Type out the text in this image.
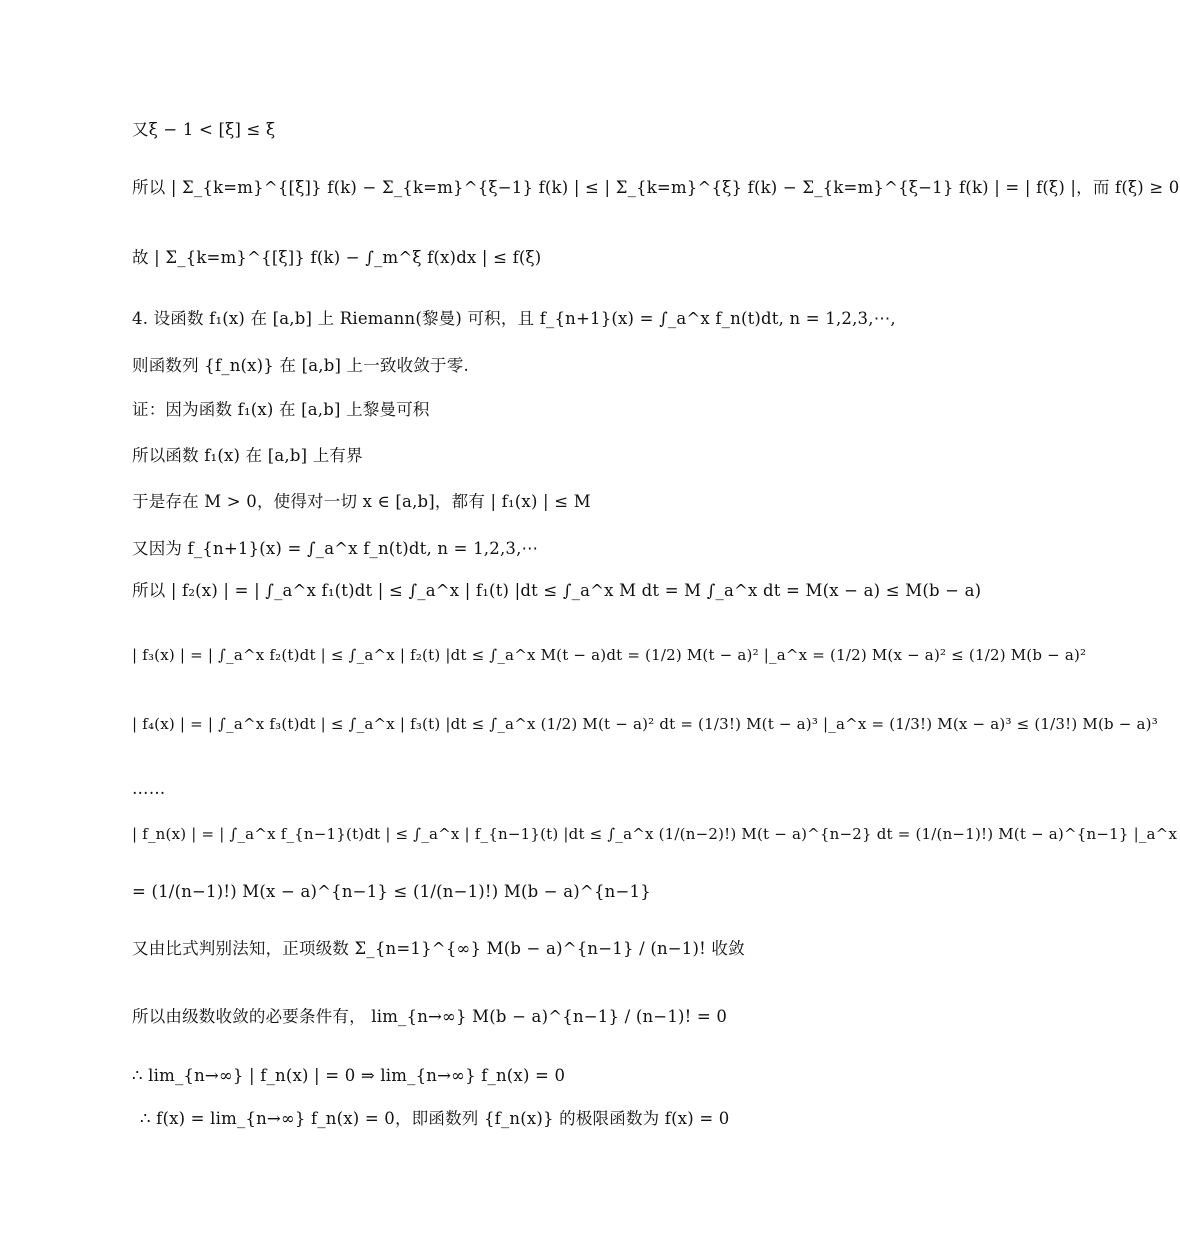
又ξ − 1 < [ξ] ≤ ξ
所以 | Σ_{k=m}^{[ξ]} f(k) − Σ_{k=m}^{ξ−1} f(k) | ≤ | Σ_{k=m}^{ξ} f(k) − Σ_{k=m}^{ξ−1} f(k) | = | f(ξ) |，而 f(ξ) ≥ 0
故 | Σ_{k=m}^{[ξ]} f(k) − ∫_m^ξ f(x)dx | ≤ f(ξ)
4. 设函数 f₁(x) 在 [a,b] 上 Riemann(黎曼) 可积，且 f_{n+1}(x) = ∫_a^x f_n(t)dt, n = 1,2,3,⋯,
则函数列 {f_n(x)} 在 [a,b] 上一致收敛于零.
证：因为函数 f₁(x) 在 [a,b] 上黎曼可积
所以函数 f₁(x) 在 [a,b] 上有界
于是存在 M > 0，使得对一切 x ∈ [a,b]，都有 | f₁(x) | ≤ M
又因为 f_{n+1}(x) = ∫_a^x f_n(t)dt, n = 1,2,3,⋯
所以 | f₂(x) | = | ∫_a^x f₁(t)dt | ≤ ∫_a^x | f₁(t) |dt ≤ ∫_a^x M dt = M ∫_a^x dt = M(x − a) ≤ M(b − a)
| f₃(x) | = | ∫_a^x f₂(t)dt | ≤ ∫_a^x | f₂(t) |dt ≤ ∫_a^x M(t − a)dt = (1/2) M(t − a)² |_a^x = (1/2) M(x − a)² ≤ (1/2) M(b − a)²
| f₄(x) | = | ∫_a^x f₃(t)dt | ≤ ∫_a^x | f₃(t) |dt ≤ ∫_a^x (1/2) M(t − a)² dt = (1/3!) M(t − a)³ |_a^x = (1/3!) M(x − a)³ ≤ (1/3!) M(b − a)³
……
| f_n(x) | = | ∫_a^x f_{n−1}(t)dt | ≤ ∫_a^x | f_{n−1}(t) |dt ≤ ∫_a^x (1/(n−2)!) M(t − a)^{n−2} dt = (1/(n−1)!) M(t − a)^{n−1} |_a^x
= (1/(n−1)!) M(x − a)^{n−1} ≤ (1/(n−1)!) M(b − a)^{n−1}
又由比式判别法知，正项级数 Σ_{n=1}^{∞} M(b − a)^{n−1} / (n−1)! 收敛
所以由级数收敛的必要条件有， lim_{n→∞} M(b − a)^{n−1} / (n−1)! = 0
∴ lim_{n→∞} | f_n(x) | = 0 ⇒ lim_{n→∞} f_n(x) = 0
∴ f(x) = lim_{n→∞} f_n(x) = 0，即函数列 {f_n(x)} 的极限函数为 f(x) = 0
